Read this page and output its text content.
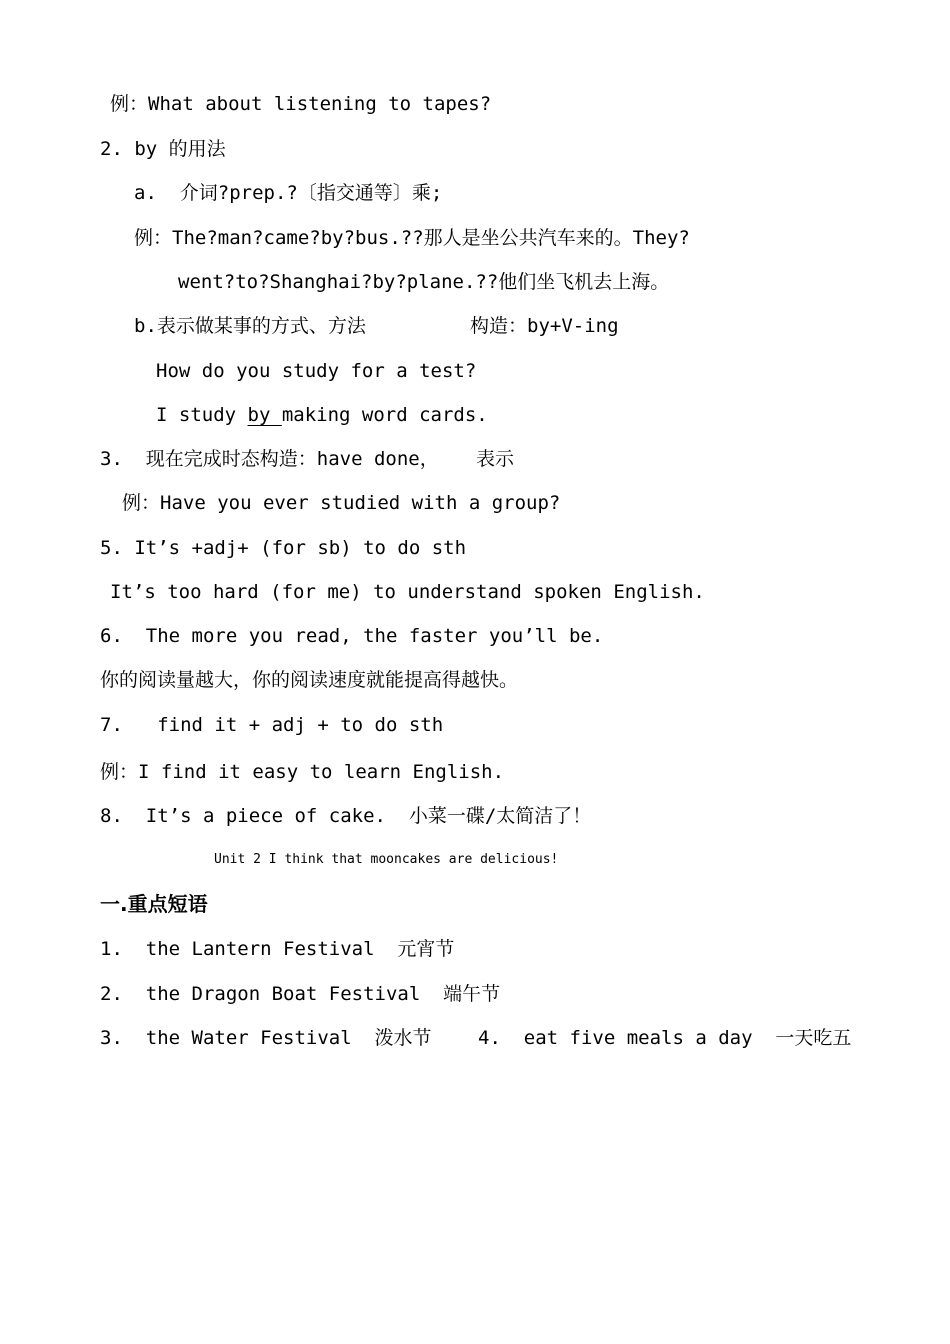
例：What about listening to tapes?
2. by 的用法
a.  介词?prep.?〔指交通等〕乘;
例：The?man?came?by?bus.??那人是坐公共汽车来的。They?
went?to?Shanghai?by?plane.??他们坐飞机去上海。
b.表示做某事的方式、方法	构造：by+V-ing
How do you study for a test?
I study by making word cards.
3.  现在完成时态构造：have done， 表示
例：Have you ever studied with a group?
5. It’s +adj+ (for sb) to do sth
It’s too hard (for me) to understand spoken English.
6.  The more you read, the faster you’ll be.
你的阅读量越大，你的阅读速度就能提高得越快。
7.   find it + adj + to do sth
例：I find it easy to learn English.
8.  It’s a piece of cake.  小菜一碟/太简洁了！
Unit 2 I think that mooncakes are delicious!
一.重点短语
1.  the Lantern Festival  元宵节
2.  the Dragon Boat Festival  端午节
3.  the Water Festival  泼水节 4.  eat five meals a day  一天吃五
